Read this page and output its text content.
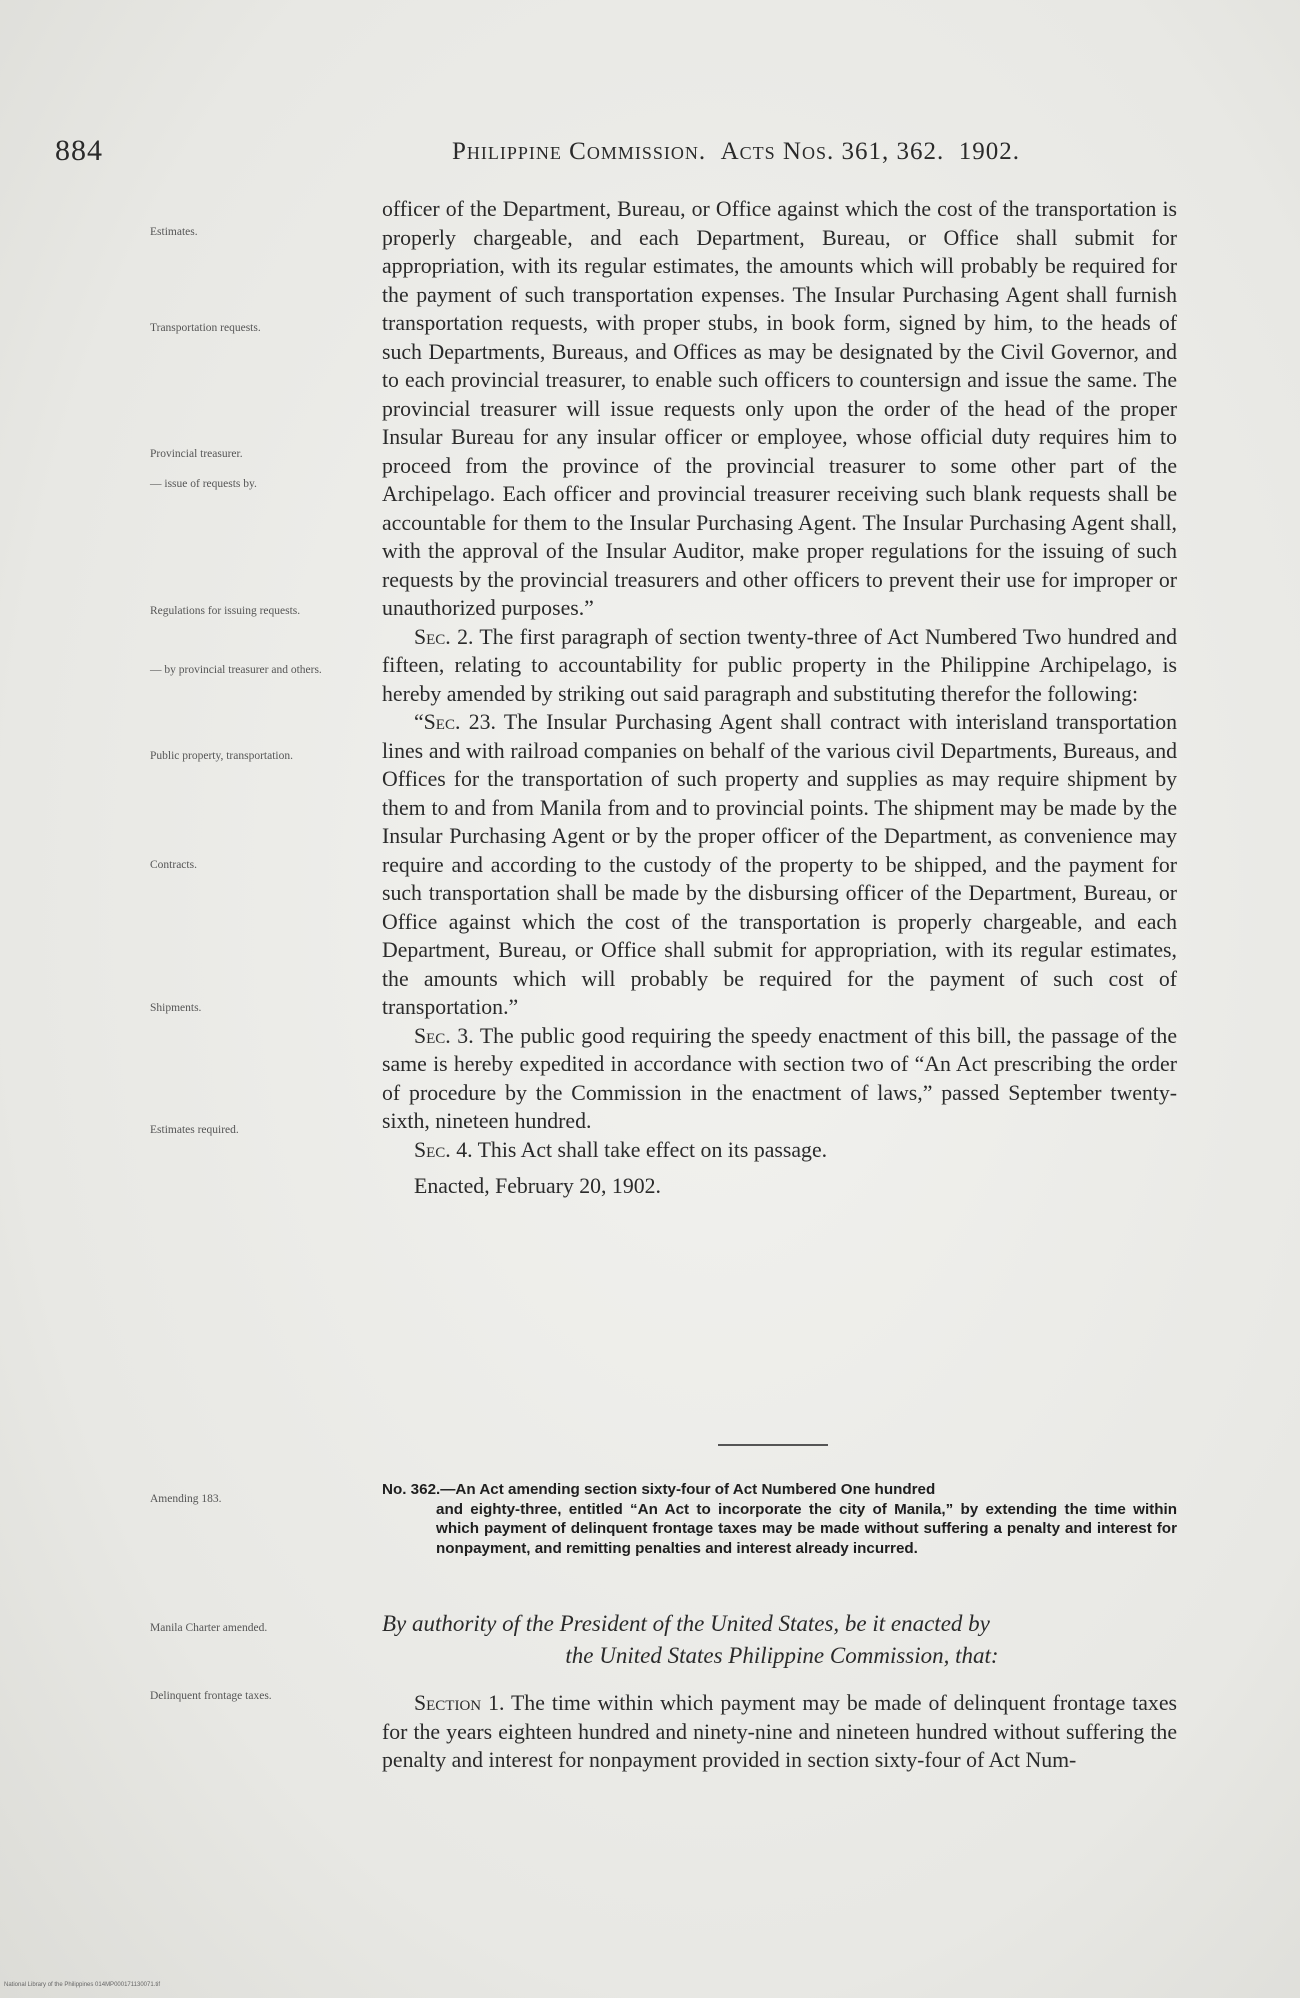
884	Philippine Commission. Acts Nos. 361, 362. 1902.
Estimates.
Transportation requests.
Provincial treasurer.
— issue of requests by.
Regulations for issuing requests.
— by provincial treasurer and others.
Public property, transportation.
Contracts.
Shipments.
Estimates required.
Amending 183.
Manila Charter amended.
Delinquent frontage taxes.

officer of the Department, Bureau, or Office against which the cost of the transportation is properly chargeable, and each Department, Bureau, or Office shall submit for appropriation, with its regular estimates, the amounts which will probably be required for the payment of such transportation expenses. The Insular Purchasing Agent shall furnish transportation requests, with proper stubs, in book form, signed by him, to the heads of such Departments, Bureaus, and Offices as may be designated by the Civil Governor, and to each provincial treasurer, to enable such officers to countersign and issue the same. The provincial treasurer will issue requests only upon the order of the head of the proper Insular Bureau for any insular officer or employee, whose official duty requires him to proceed from the province of the provincial treasurer to some other part of the Archipelago. Each officer and provincial treasurer receiving such blank requests shall be accountable for them to the Insular Purchasing Agent. The Insular Purchasing Agent shall, with the approval of the Insular Auditor, make proper regulations for the issuing of such requests by the provincial treasurers and other officers to prevent their use for improper or unauthorized purposes.”

Sec. 2. The first paragraph of section twenty-three of Act Numbered Two hundred and fifteen, relating to accountability for public property in the Philippine Archipelago, is hereby amended by striking out said paragraph and substituting therefor the following:

“Sec. 23. The Insular Purchasing Agent shall contract with interisland transportation lines and with railroad companies on behalf of the various civil Departments, Bureaus, and Offices for the transportation of such property and supplies as may require shipment by them to and from Manila from and to provincial points. The shipment may be made by the Insular Purchasing Agent or by the proper officer of the Department, as convenience may require and according to the custody of the property to be shipped, and the payment for such transportation shall be made by the disbursing officer of the Department, Bureau, or Office against which the cost of the transportation is properly chargeable, and each Department, Bureau, or Office shall submit for appropriation, with its regular estimates, the amounts which will probably be required for the payment of such cost of transportation.”

Sec. 3. The public good requiring the speedy enactment of this bill, the passage of the same is hereby expedited in accordance with section two of “An Act prescribing the order of procedure by the Commission in the enactment of laws,” passed September twenty-sixth, nineteen hundred.

Sec. 4. This Act shall take effect on its passage.

Enacted, February 20, 1902.

No. 362.—An Act amending section sixty-four of Act Numbered One hundred
and eighty-three, entitled “An Act to incorporate the city of Manila,” by extending the time within which payment of delinquent frontage taxes may be made without suffering a penalty and interest for nonpayment, and remitting penalties and interest already incurred.
By authority of the President of the United States, be it enacted by
the United States Philippine Commission, that:

Section 1. The time within which payment may be made of delinquent frontage taxes for the years eighteen hundred and ninety-nine and nineteen hundred without suffering the penalty and interest for nonpayment provided in section sixty-four of Act Num-

National Library of the Philippines 014MP000171130071.tif
